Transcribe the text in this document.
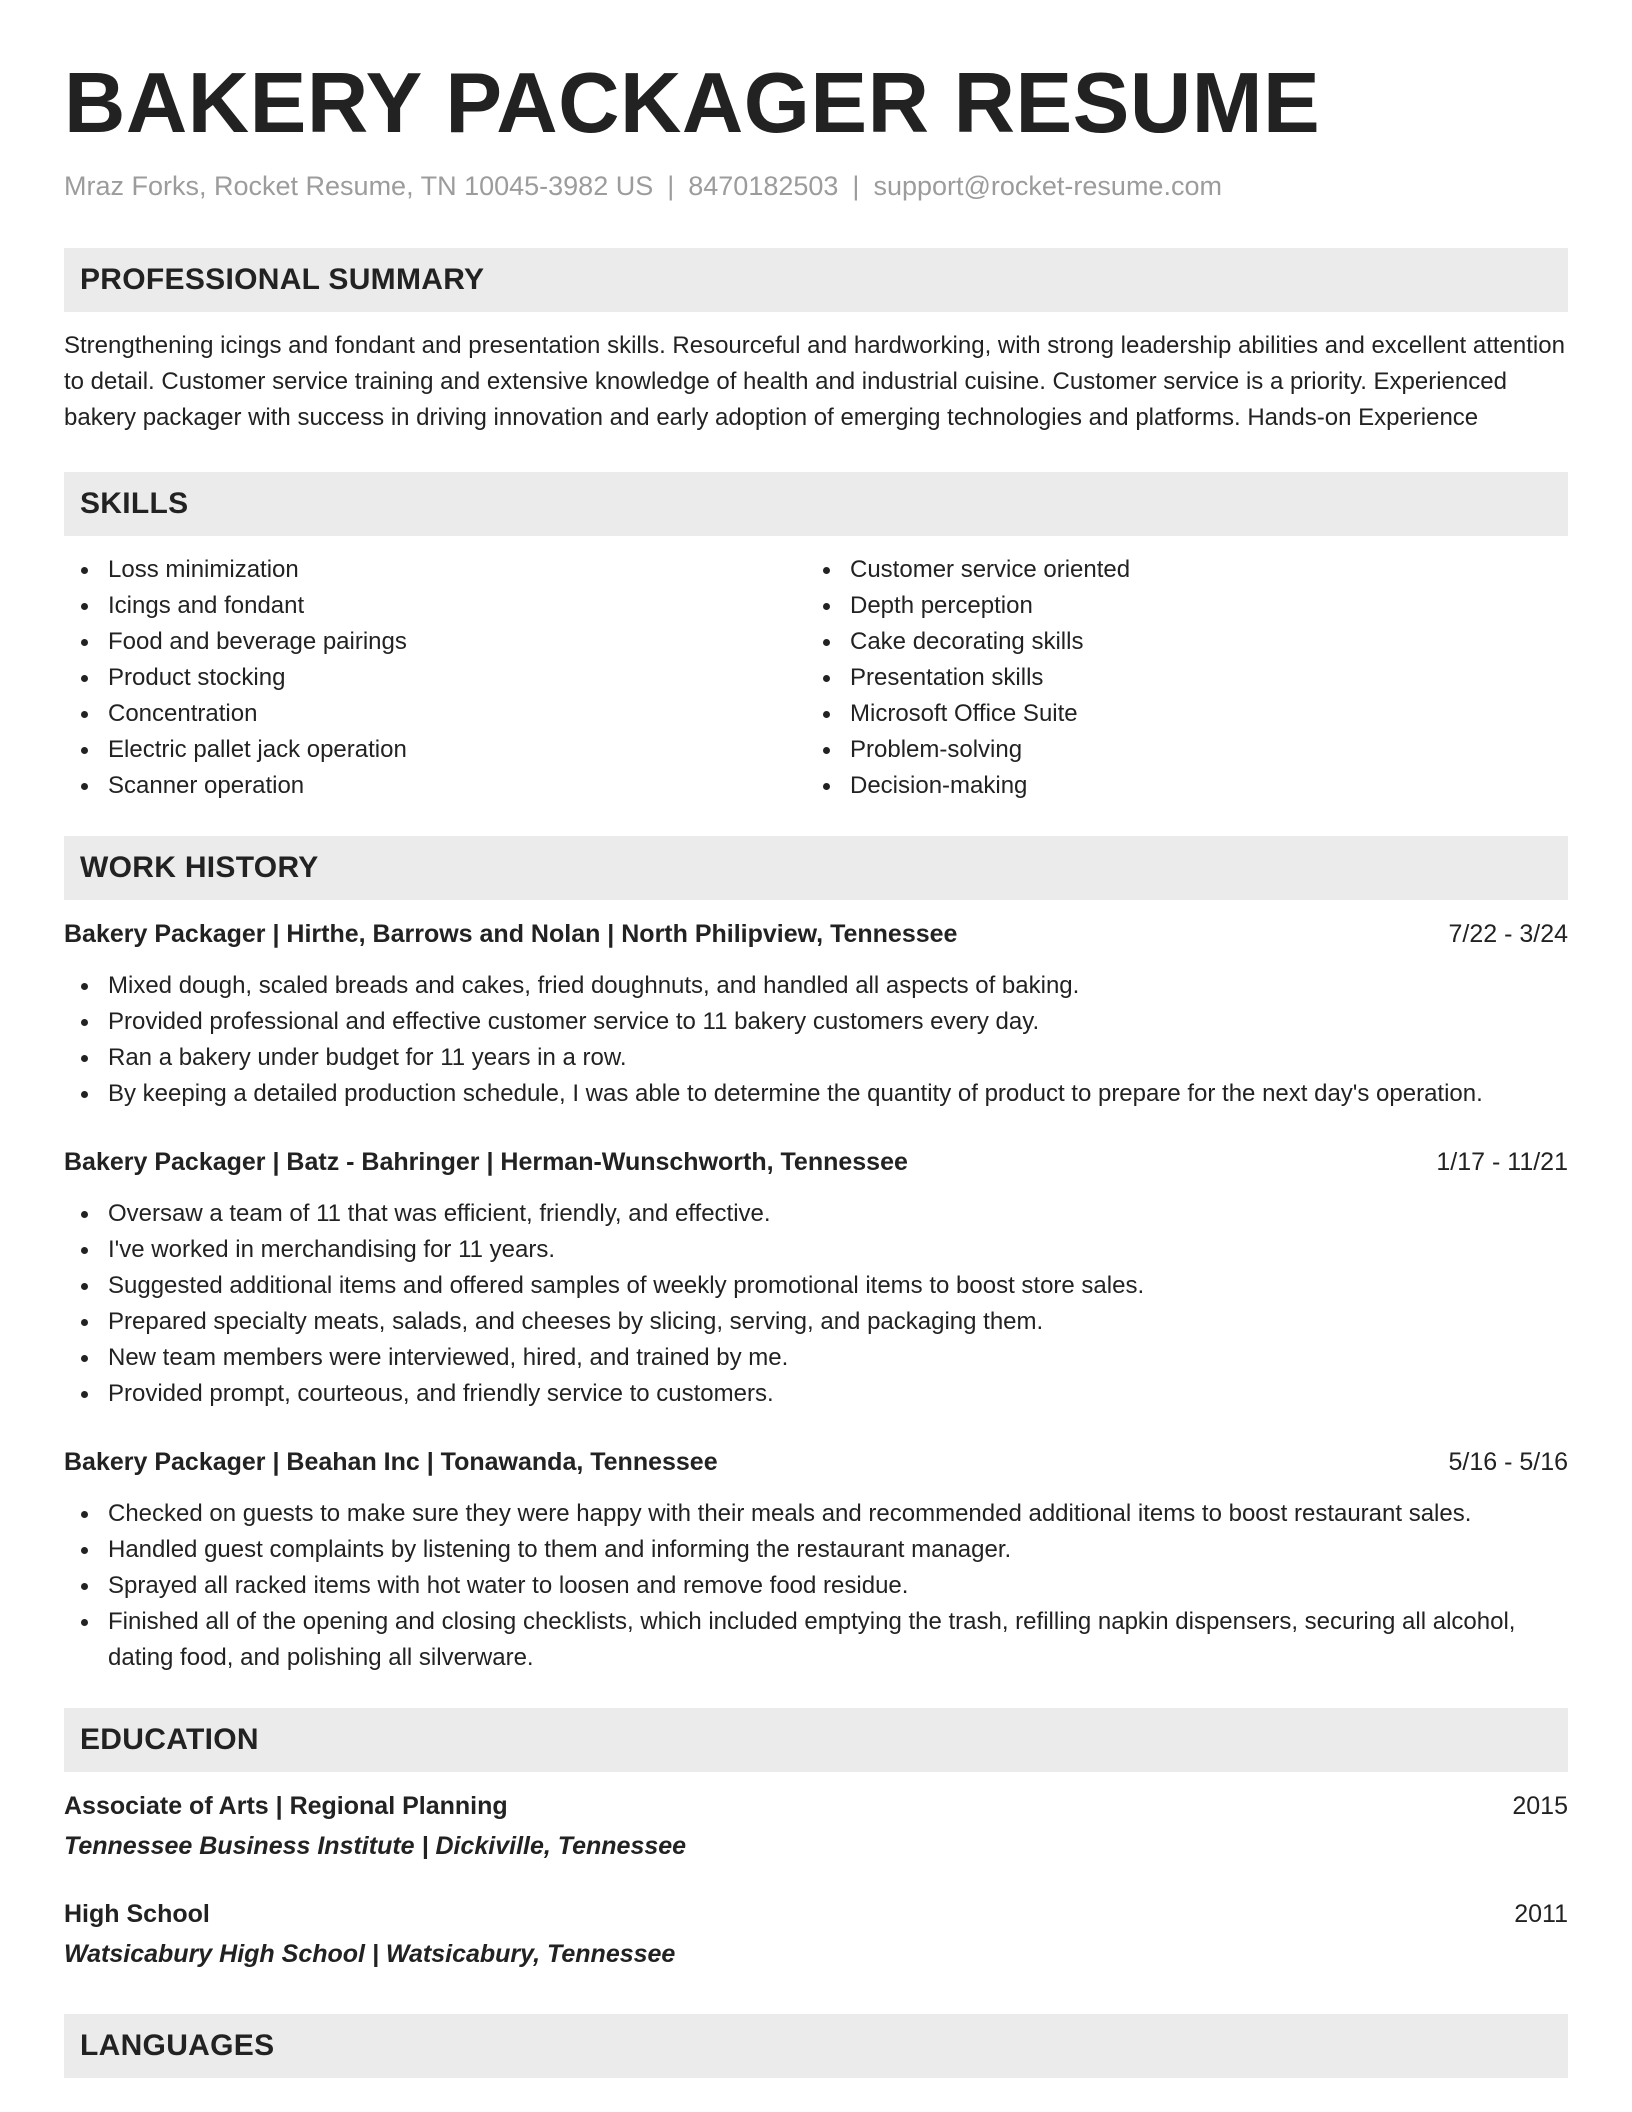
BAKERY PACKAGER RESUME
Mraz Forks, Rocket Resume, TN 10045-3982 US | 8470182503 | support@rocket-resume.com
PROFESSIONAL SUMMARY
Strengthening icings and fondant and presentation skills. Resourceful and hardworking, with strong leadership abilities and excellent attention to detail. Customer service training and extensive knowledge of health and industrial cuisine. Customer service is a priority. Experienced bakery packager with success in driving innovation and early adoption of emerging technologies and platforms. Hands-on Experience
SKILLS
Loss minimization
Icings and fondant
Food and beverage pairings
Product stocking
Concentration
Electric pallet jack operation
Scanner operation
Customer service oriented
Depth perception
Cake decorating skills
Presentation skills
Microsoft Office Suite
Problem-solving
Decision-making
WORK HISTORY
Bakery Packager | Hirthe, Barrows and Nolan | North Philipview, Tennessee	7/22 - 3/24
Mixed dough, scaled breads and cakes, fried doughnuts, and handled all aspects of baking.
Provided professional and effective customer service to 11 bakery customers every day.
Ran a bakery under budget for 11 years in a row.
By keeping a detailed production schedule, I was able to determine the quantity of product to prepare for the next day's operation.
Bakery Packager | Batz - Bahringer | Herman-Wunschworth, Tennessee	1/17 - 11/21
Oversaw a team of 11 that was efficient, friendly, and effective.
I've worked in merchandising for 11 years.
Suggested additional items and offered samples of weekly promotional items to boost store sales.
Prepared specialty meats, salads, and cheeses by slicing, serving, and packaging them.
New team members were interviewed, hired, and trained by me.
Provided prompt, courteous, and friendly service to customers.
Bakery Packager | Beahan Inc | Tonawanda, Tennessee	5/16 - 5/16
Checked on guests to make sure they were happy with their meals and recommended additional items to boost restaurant sales.
Handled guest complaints by listening to them and informing the restaurant manager.
Sprayed all racked items with hot water to loosen and remove food residue.
Finished all of the opening and closing checklists, which included emptying the trash, refilling napkin dispensers, securing all alcohol, dating food, and polishing all silverware.
EDUCATION
Associate of Arts | Regional Planning	2015
Tennessee Business Institute | Dickiville, Tennessee
High School	2011
Watsicabury High School | Watsicabury, Tennessee
LANGUAGES
